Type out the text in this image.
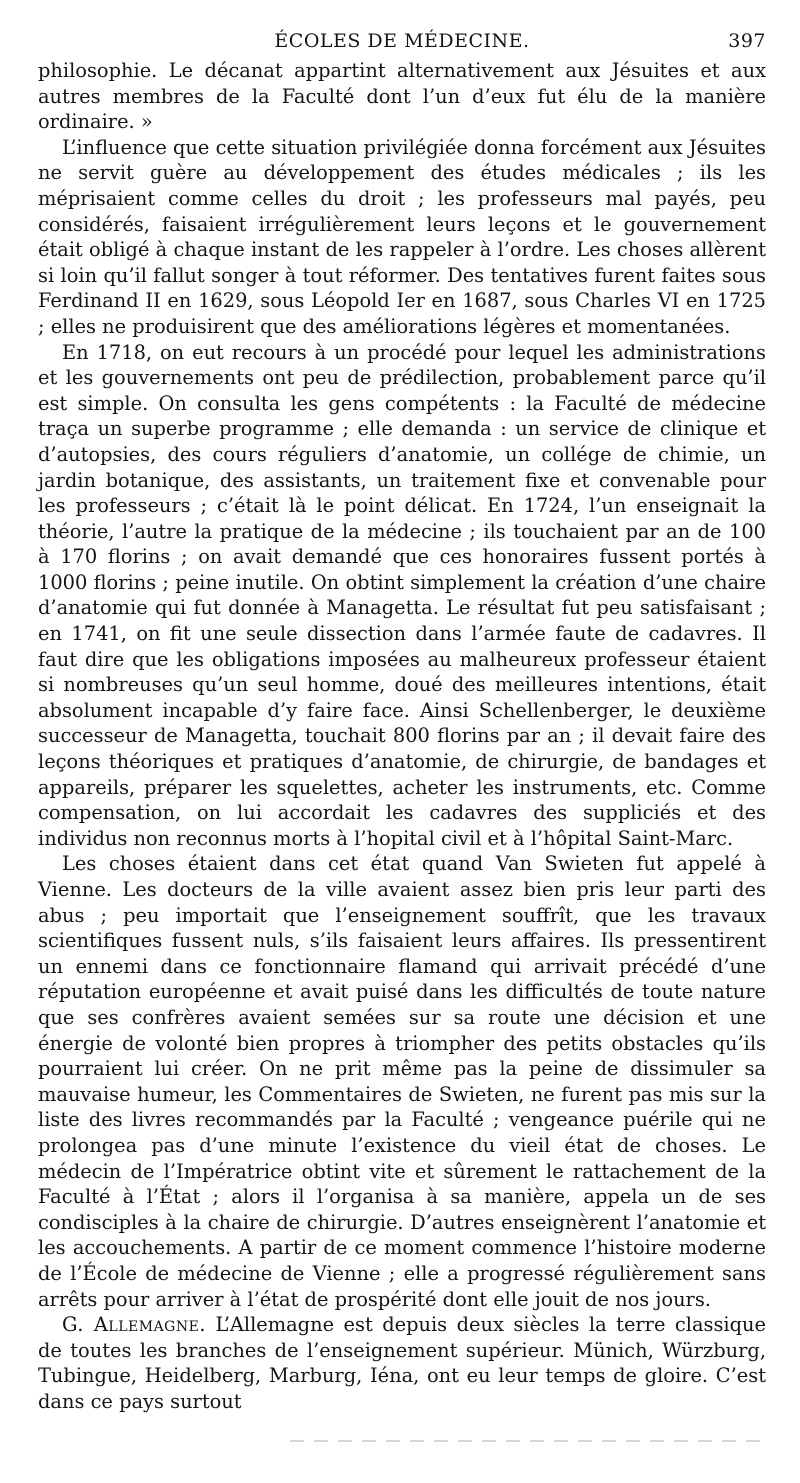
ÉCOLES DE MÉDECINE.	397

philosophie. Le décanat appartint alternativement aux Jésuites et aux autres membres de la Faculté dont l’un d’eux fut élu de la manière ordinaire. »

L’influence que cette situation privilégiée donna forcément aux Jésuites ne servit guère au développement des études médicales ; ils les méprisaient comme celles du droit ; les professeurs mal payés, peu considérés, faisaient irrégulièrement leurs leçons et le gouvernement était obligé à chaque instant de les rappeler à l’ordre. Les choses allèrent si loin qu’il fallut songer à tout réformer. Des tentatives furent faites sous Ferdinand II en 1629, sous Léopold Ier en 1687, sous Charles VI en 1725 ; elles ne produisirent que des améliorations légères et momentanées.

En 1718, on eut recours à un procédé pour lequel les administrations et les gouvernements ont peu de prédilection, probablement parce qu’il est simple. On consulta les gens compétents : la Faculté de médecine traça un superbe programme ; elle demanda : un service de clinique et d’autopsies, des cours réguliers d’anatomie, un collége de chimie, un jardin botanique, des assistants, un traitement fixe et convenable pour les professeurs ; c’était là le point délicat. En 1724, l’un enseignait la théorie, l’autre la pratique de la médecine ; ils touchaient par an de 100 à 170 florins ; on avait demandé que ces honoraires fussent portés à 1000 florins ; peine inutile. On obtint simplement la création d’une chaire d’anatomie qui fut donnée à Managetta. Le résultat fut peu satisfaisant ; en 1741, on fit une seule dissection dans l’armée faute de cadavres. Il faut dire que les obligations imposées au malheureux professeur étaient si nombreuses qu’un seul homme, doué des meilleures intentions, était absolument incapable d’y faire face. Ainsi Schellenberger, le deuxième successeur de Managetta, touchait 800 florins par an ; il devait faire des leçons théoriques et pratiques d’anatomie, de chirurgie, de bandages et appareils, préparer les squelettes, acheter les instruments, etc. Comme compensation, on lui accordait les cadavres des suppliciés et des individus non reconnus morts à l’hopital civil et à l’hôpital Saint-Marc.

Les choses étaient dans cet état quand Van Swieten fut appelé à Vienne. Les docteurs de la ville avaient assez bien pris leur parti des abus ; peu importait que l’enseignement souffrît, que les travaux scientifiques fussent nuls, s’ils faisaient leurs affaires. Ils pressentirent un ennemi dans ce fonctionnaire flamand qui arrivait précédé d’une réputation européenne et avait puisé dans les difficultés de toute nature que ses confrères avaient semées sur sa route une décision et une énergie de volonté bien propres à triompher des petits obstacles qu’ils pourraient lui créer. On ne prit même pas la peine de dissimuler sa mauvaise humeur, les Commentaires de Swieten, ne furent pas mis sur la liste des livres recommandés par la Faculté ; vengeance puérile qui ne prolongea pas d’une minute l’existence du vieil état de choses. Le médecin de l’Impératrice obtint vite et sûrement le rattachement de la Faculté à l’État ; alors il l’organisa à sa manière, appela un de ses condisciples à la chaire de chirurgie. D’autres enseignèrent l’anatomie et les accouchements. A partir de ce moment commence l’histoire moderne de l’École de médecine de Vienne ; elle a progressé régulièrement sans arrêts pour arriver à l’état de prospérité dont elle jouit de nos jours.

G. Allemagne. L’Allemagne est depuis deux siècles la terre classique de toutes les branches de l’enseignement supérieur. Münich, Würzburg, Tubingue, Heidelberg, Marburg, Iéna, ont eu leur temps de gloire. C’est dans ce pays surtout
